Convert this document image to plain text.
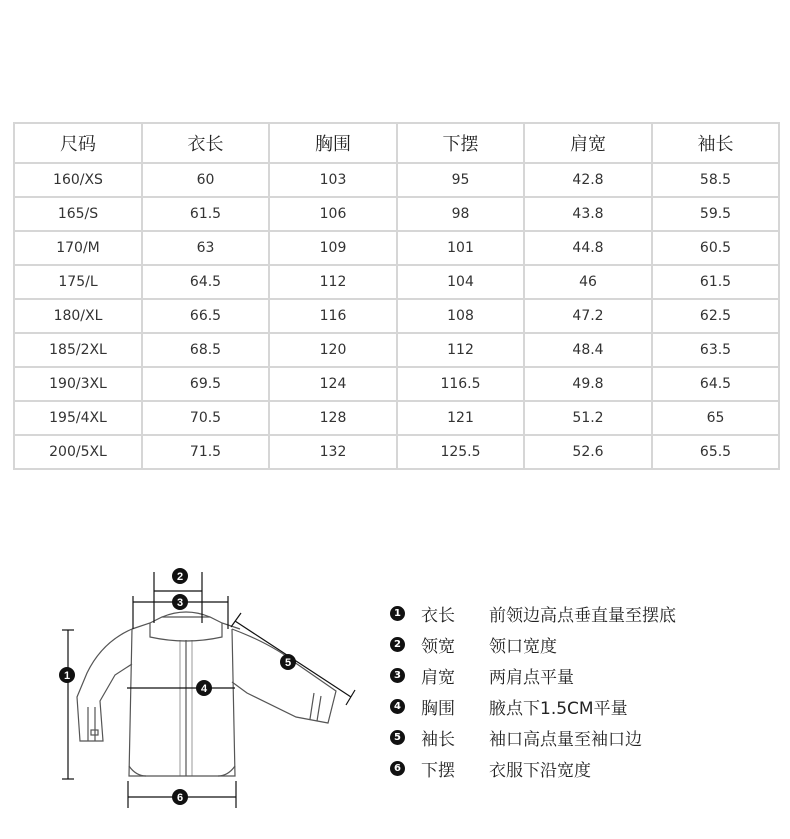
尺码	衣长	胸围	下摆	肩宽	袖长
160/XS	60	103	95	42.8	58.5
165/S	61.5	106	98	43.8	59.5
170/M	63	109	101	44.8	60.5
175/L	64.5	112	104	46	61.5
180/XL	66.5	116	108	47.2	62.5
185/2XL	68.5	120	112	48.4	63.5
190/3XL	69.5	124	116.5	49.8	64.5
195/4XL	70.5	128	121	51.2	65
200/5XL	71.5	132	125.5	52.6	65.5
1
2
3
4
5
6
1 衣长	前领边高点垂直量至摆底
2 领宽	领口宽度
3 肩宽	两肩点平量
4 胸围	腋点下1.5CM平量
5 袖长	袖口高点量至袖口边
6 下摆	衣服下沿宽度
